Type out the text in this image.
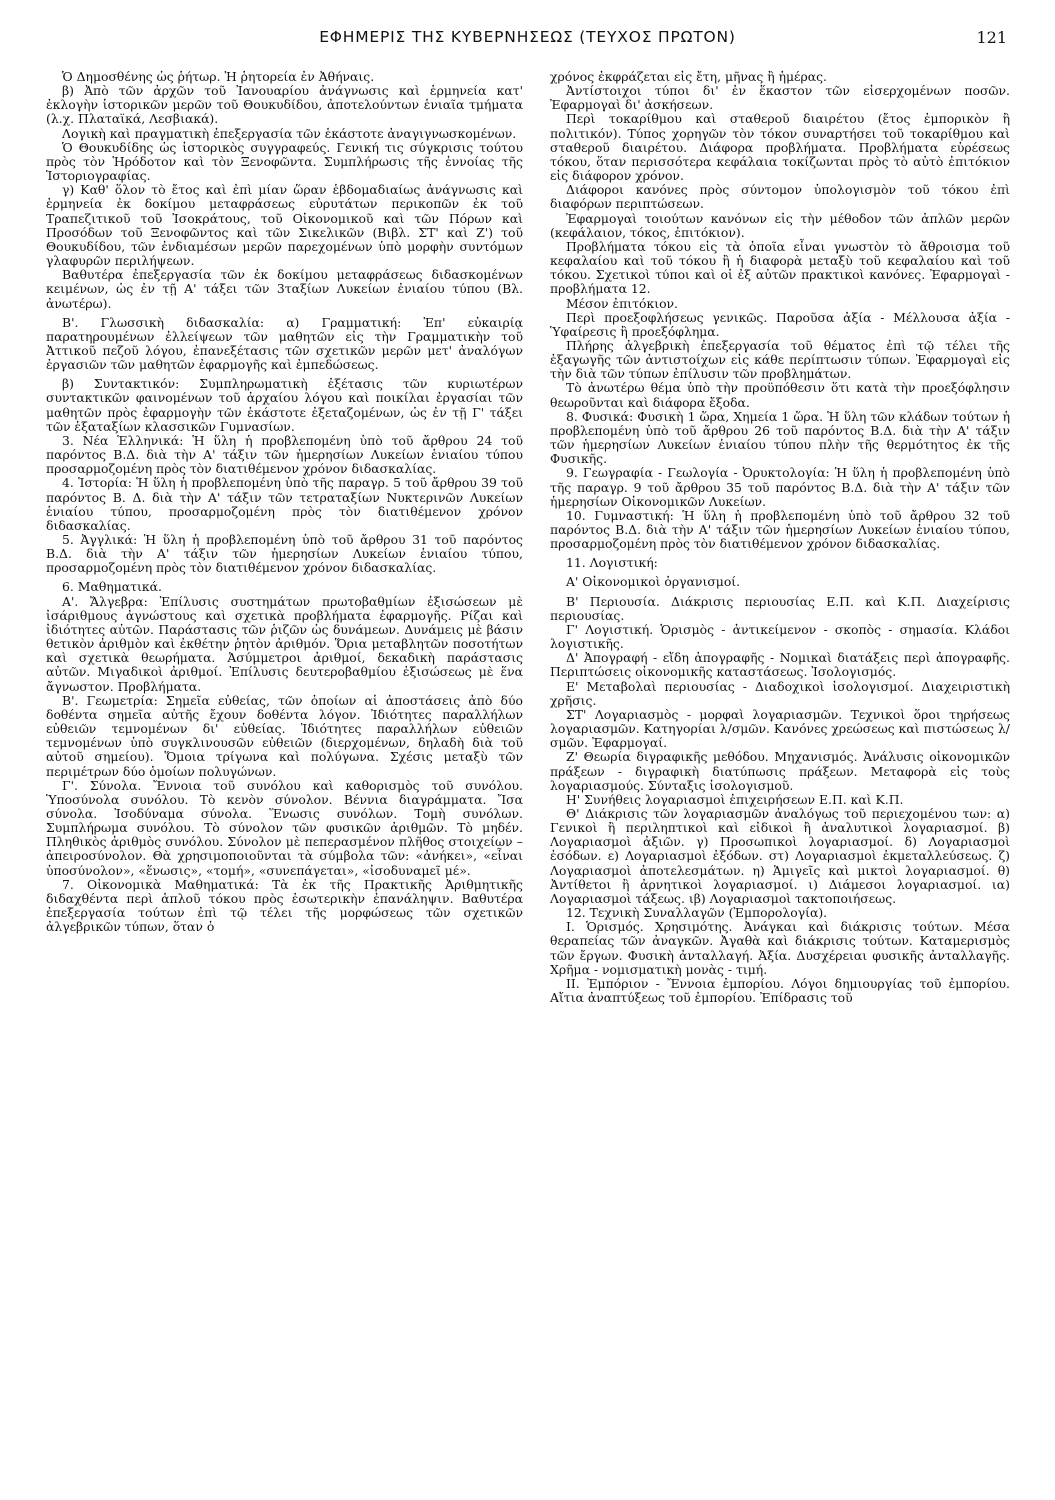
ΕΦΗΜΕΡΙΣ ΤΗΣ ΚΥΒΕΡΝΗΣΕΩΣ (ΤΕΥΧΟΣ ΠΡΩΤΟΝ)	121

Ὁ Δημοσθένης ὡς ῥήτωρ. Ἡ ῥητορεία ἐν Ἀθήναις.

β) Ἀπὸ τῶν ἀρχῶν τοῦ Ἰανουαρίου ἀνάγνωσις καὶ ἑρμηνεία κατ' ἐκλογὴν ἱστορικῶν μερῶν τοῦ Θουκυδίδου, ἀποτελούντων ἑνιαῖα τμήματα (λ.χ. Πλαταϊκά, Λεσβιακά).

Λογικὴ καὶ πραγματικὴ ἐπεξεργασία τῶν ἑκάστοτε ἀναγιγνωσκομένων.

Ὁ Θουκυδίδης ὡς ἱστορικὸς συγγραφεύς. Γενική τις σύγκρισις τούτου πρὸς τὸν Ἡρόδοτον καὶ τὸν Ξενοφῶντα. Συμπλήρωσις τῆς ἐννοίας τῆς Ἱστοριογραφίας.

γ) Καθ' ὅλον τὸ ἔτος καὶ ἐπὶ μίαν ὥραν ἑβδομαδιαίως ἀνάγνωσις καὶ ἑρμηνεία ἐκ δοκίμου μεταφράσεως εὐρυτάτων περικοπῶν ἐκ τοῦ Τραπεζιτικοῦ τοῦ Ἰσοκράτους, τοῦ Οἰκονομικοῦ καὶ τῶν Πόρων καὶ Προσόδων τοῦ Ξενοφῶντος καὶ τῶν Σικελικῶν (Βιβλ. ΣΤ' καὶ Ζ') τοῦ Θουκυδίδου, τῶν ἐνδιαμέσων μερῶν παρεχομένων ὑπὸ μορφὴν συντόμων γλαφυρῶν περιλήψεων.

Βαθυτέρα ἐπεξεργασία τῶν ἐκ δοκίμου μεταφράσεως διδασκομένων κειμένων, ὡς ἐν τῇ Α' τάξει τῶν 3ταξίων Λυκείων ἐνιαίου τύπου (Βλ. ἀνωτέρω).

Β'. Γλωσσικὴ διδασκαλία: α) Γραμματική: Ἐπ' εὐκαιρίᾳ παρατηρουμένων ἐλλείψεων τῶν μαθητῶν εἰς τὴν Γραμματικὴν τοῦ Ἀττικοῦ πεζοῦ λόγου, ἐπανεξέτασις τῶν σχετικῶν μερῶν μετ' ἀναλόγων ἐργασιῶν τῶν μαθητῶν ἐφαρμογῆς καὶ ἐμπεδώσεως.

β) Συντακτικόν: Συμπληρωματικὴ ἐξέτασις τῶν κυριωτέρων συντακτικῶν φαινομένων τοῦ ἀρχαίου λόγου καὶ ποικίλαι ἐργασίαι τῶν μαθητῶν πρὸς ἐφαρμογὴν τῶν ἑκάστοτε ἐξεταζομένων, ὡς ἐν τῇ Γ' τάξει τῶν ἑξαταξίων κλασσικῶν Γυμνασίων.

3. Νέα Ἑλληνικά: Ἡ ὕλη ἡ προβλεπομένη ὑπὸ τοῦ ἄρθρου 24 τοῦ παρόντος Β.Δ. διὰ τὴν Α' τάξιν τῶν ἡμερησίων Λυκείων ἑνιαίου τύπου προσαρμοζομένη πρὸς τὸν διατιθέμενον χρόνον διδασκαλίας.

4. Ἱστορία: Ἡ ὕλη ἡ προβλεπομένη ὑπὸ τῆς παραγρ. 5 τοῦ ἄρθρου 39 τοῦ παρόντος Β. Δ. διὰ τὴν Α' τάξιν τῶν τετραταξίων Νυκτερινῶν Λυκείων ἑνιαίου τύπου, προσαρμοζομένη πρὸς τὸν διατιθέμενον χρόνον διδασκαλίας.

5. Ἀγγλικά: Ἡ ὕλη ἡ προβλεπομένη ὑπὸ τοῦ ἄρθρου 31 τοῦ παρόντος Β.Δ. διὰ τὴν Α' τάξιν τῶν ἡμερησίων Λυκείων ἑνιαίου τύπου, προσαρμοζομένη πρὸς τὸν διατιθέμενον χρόνον διδασκαλίας.

6. Μαθηματικά.

Α'. Ἄλγεβρα: Ἐπίλυσις συστημάτων πρωτοβαθμίων ἐξισώσεων μὲ ἰσάριθμους ἀγνώστους καὶ σχετικὰ προβλήματα ἐφαρμογῆς. Ρίζαι καὶ ἰδιότητες αὐτῶν. Παράστασις τῶν ῥιζῶν ὡς δυνάμεων. Δυνάμεις μὲ βάσιν θετικὸν ἀριθμὸν καὶ ἐκθέτην ῥητὸν ἀριθμόν. Ὅρια μεταβλητῶν ποσοτήτων καὶ σχετικὰ θεωρήματα. Ἀσύμμετροι ἀριθμοί, δεκαδικὴ παράστασις αὐτῶν. Μιγαδικοὶ ἀριθμοί. Ἐπίλυσις δευτεροβαθμίου ἐξισώσεως μὲ ἕνα ἄγνωστον. Προβλήματα.

Β'. Γεωμετρία: Σημεῖα εὐθείας, τῶν ὁποίων αἱ ἀποστάσεις ἀπὸ δύο δοθέντα σημεῖα αὐτῆς ἔχουν δοθέντα λόγον. Ἰδιότητες παραλλήλων εὐθειῶν τεμνομένων δι' εὐθείας. Ἰδιότητες παραλλήλων εὐθειῶν τεμνομένων ὑπὸ συγκλινουσῶν εὐθειῶν (διερχομένων, δηλαδὴ διὰ τοῦ αὐτοῦ σημείου). Ὅμοια τρίγωνα καὶ πολύγωνα. Σχέσις μεταξὺ τῶν περιμέτρων δύο ὁμοίων πολυγώνων.

Γ'. Σύνολα. Ἔννοια τοῦ συνόλου καὶ καθορισμὸς τοῦ συνόλου. Ὑποσύνολα συνόλου. Τὸ κενὸν σύνολον. Βέννια διαγράμματα. Ἴσα σύνολα. Ἰσοδύναμα σύνολα. Ἕνωσις συνόλων. Τομὴ συνόλων. Συμπλήρωμα συνόλου. Τὸ σύνολον τῶν φυσικῶν ἀριθμῶν. Τὸ μηδέν. Πληθικὸς ἀριθμὸς συνόλου. Σύνολον μὲ πεπερασμένον πλῆθος στοιχείων – ἀπειροσύνολον. Θὰ χρησιμοποιοῦνται τὰ σύμβολα τῶν: «ἀνήκει», «εἶναι ὑποσύνολον», «ἕνωσις», «τομή», «συνεπάγεται», «ἰσοδυναμεῖ μέ».

7. Οἰκονομικὰ Μαθηματικά: Τὰ ἐκ τῆς Πρακτικῆς Ἀριθμητικῆς διδαχθέντα περὶ ἁπλοῦ τόκου πρὸς ἐσωτερικὴν ἐπανάληψιν. Βαθυτέρα ἐπεξεργασία τούτων ἐπὶ τῷ τέλει τῆς μορφώσεως τῶν σχετικῶν ἀλγεβρικῶν τύπων, ὅταν ὁ

χρόνος ἐκφράζεται εἰς ἔτη, μῆνας ἢ ἡμέρας.

Ἀντίστοιχοι τύποι δι' ἐν ἕκαστον τῶν εἰσερχομένων ποσῶν. Ἐφαρμογαὶ δι' ἀσκήσεων.

Περὶ τοκαρίθμου καὶ σταθεροῦ διαιρέτου (ἔτος ἐμπορικὸν ἢ πολιτικόν). Τύπος χορηγῶν τὸν τόκον συναρτήσει τοῦ τοκαρίθμου καὶ σταθεροῦ διαιρέτου. Διάφορα προβλήματα. Προβλήματα εὑρέσεως τόκου, ὅταν περισσότερα κεφάλαια τοκίζωνται πρὸς τὸ αὐτὸ ἐπιτόκιον εἰς διάφορον χρόνον.

Διάφοροι κανόνες πρὸς σύντομον ὑπολογισμὸν τοῦ τόκου ἐπὶ διαφόρων περιπτώσεων.

Ἐφαρμογαὶ τοιούτων κανόνων εἰς τὴν μέθοδον τῶν ἁπλῶν μερῶν (κεφάλαιον, τόκος, ἐπιτόκιον).

Προβλήματα τόκου εἰς τὰ ὁποῖα εἶναι γνωστὸν τὸ ἄθροισμα τοῦ κεφαλαίου καὶ τοῦ τόκου ἢ ἡ διαφορὰ μεταξὺ τοῦ κεφαλαίου καὶ τοῦ τόκου. Σχετικοὶ τύποι καὶ οἱ ἐξ αὐτῶν πρακτικοὶ κανόνες. Ἐφαρμογαὶ - προβλήματα 12.

Μέσον ἐπιτόκιον.

Περὶ προεξοφλήσεως γενικῶς. Παροῦσα ἀξία - Μέλλουσα ἀξία - Ὑφαίρεσις ἢ προεξόφλημα.

Πλήρης ἀλγεβρικὴ ἐπεξεργασία τοῦ θέματος ἐπὶ τῷ τέλει τῆς ἐξαγωγῆς τῶν ἀντιστοίχων εἰς κάθε περίπτωσιν τύπων. Ἐφαρμογαὶ εἰς τὴν διὰ τῶν τύπων ἐπίλυσιν τῶν προβλημάτων.

Τὸ ἀνωτέρω θέμα ὑπὸ τὴν προϋπόθεσιν ὅτι κατὰ τὴν προεξόφλησιν θεωροῦνται καὶ διάφορα ἔξοδα.

8. Φυσικά: Φυσικὴ 1 ὥρα, Χημεία 1 ὥρα. Ἡ ὕλη τῶν κλάδων τούτων ἡ προβλεπομένη ὑπὸ τοῦ ἄρθρου 26 τοῦ παρόντος Β.Δ. διὰ τὴν Α' τάξιν τῶν ἡμερησίων Λυκείων ἑνιαίου τύπου πλὴν τῆς θερμότητος ἐκ τῆς Φυσικῆς.

9. Γεωγραφία - Γεωλογία - Ὀρυκτολογία: Ἡ ὕλη ἡ προβλεπομένη ὑπὸ τῆς παραγρ. 9 τοῦ ἄρθρου 35 τοῦ παρόντος Β.Δ. διὰ τὴν Α' τάξιν τῶν ἡμερησίων Οἰκονομικῶν Λυκείων.

10. Γυμναστική: Ἡ ὕλη ἡ προβλεπομένη ὑπὸ τοῦ ἄρθρου 32 τοῦ παρόντος Β.Δ. διὰ τὴν Α' τάξιν τῶν ἡμερησίων Λυκείων ἑνιαίου τύπου, προσαρμοζομένη πρὸς τὸν διατιθέμενον χρόνον διδασκαλίας.

11. Λογιστική:

Α' Οἰκονομικοὶ ὀργανισμοί.

Β' Περιουσία. Διάκρισις περιουσίας Ε.Π. καὶ Κ.Π. Διαχείρισις περιουσίας.

Γ' Λογιστική. Ὁρισμὸς - ἀντικείμενον - σκοπὸς - σημασία. Κλάδοι λογιστικῆς.

Δ' Ἀπογραφή - εἴδη ἀπογραφῆς - Νομικαὶ διατάξεις περὶ ἀπογραφῆς. Περιπτώσεις οἰκονομικῆς καταστάσεως. Ἰσολογισμός.

Ε' Μεταβολαὶ περιουσίας - Διαδοχικοὶ ἰσολογισμοί. Διαχειριστικὴ χρῆσις.

ΣΤ' Λογαριασμὸς - μορφαὶ λογαριασμῶν. Τεχνικοὶ ὅροι τηρήσεως λογαριασμῶν. Κατηγορίαι λ/σμῶν. Κανόνες χρεώσεως καὶ πιστώσεως λ/σμῶν. Ἐφαρμογαί.

Ζ' Θεωρία διγραφικῆς μεθόδου. Μηχανισμός. Ἀνάλυσις οἰκονομικῶν πράξεων - διγραφικὴ διατύπωσις πράξεων. Μεταφορὰ εἰς τοὺς λογαριασμούς. Σύνταξις ἰσολογισμοῦ.

Η' Συνήθεις λογαριασμοὶ ἐπιχειρήσεων Ε.Π. καὶ Κ.Π.

Θ' Διάκρισις τῶν λογαριασμῶν ἀναλόγως τοῦ περιεχομένου των: α) Γενικοὶ ἢ περιληπτικοὶ καὶ εἰδικοὶ ἢ ἀναλυτικοὶ λογαριασμοί. β) Λογαριασμοὶ ἀξιῶν. γ) Προσωπικοὶ λογαριασμοί. δ) Λογαριασμοὶ ἐσόδων. ε) Λογαριασμοὶ ἐξόδων. στ) Λογαριασμοὶ ἐκμεταλλεύσεως. ζ) Λογαριασμοὶ ἀποτελεσμάτων. η) Ἁμιγεῖς καὶ μικτοὶ λογαριασμοί. θ) Ἀντίθετοι ἢ ἀρνητικοὶ λογαριασμοί. ι) Διάμεσοι λογαριασμοί. ια) Λογαριασμοὶ τάξεως. ιβ) Λογαριασμοὶ τακτοποιήσεως.

12. Τεχνικὴ Συναλλαγῶν (Ἐμπορολογία).

Ι. Ὁρισμός. Χρησιμότης. Ἀνάγκαι καὶ διάκρισις τούτων. Μέσα θεραπείας τῶν ἀναγκῶν. Ἀγαθὰ καὶ διάκρισις τούτων. Καταμερισμὸς τῶν ἔργων. Φυσικὴ ἀνταλλαγή. Ἀξία. Δυσχέρειαι φυσικῆς ἀνταλλαγῆς. Χρῆμα - νομισματικὴ μονὰς - τιμή.

ΙΙ. Ἐμπόριον - Ἔννοια ἐμπορίου. Λόγοι δημιουργίας τοῦ ἐμπορίου. Αἴτια ἀναπτύξεως τοῦ ἐμπορίου. Ἐπίδρασις τοῦ
